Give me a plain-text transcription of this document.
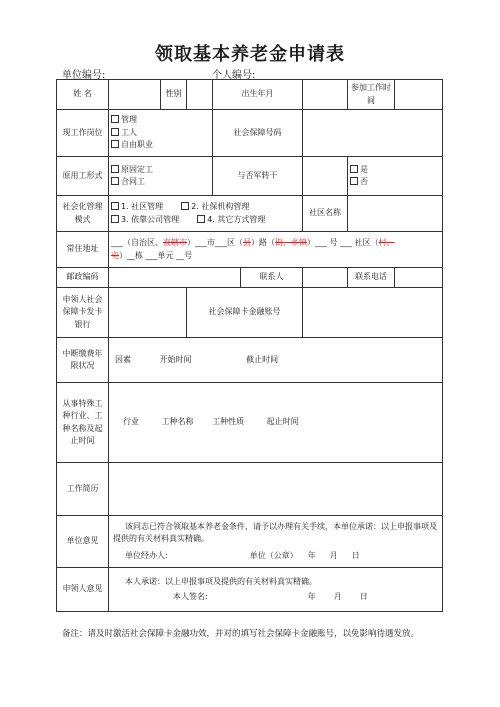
领取基本养老金申请表
单位编号:	个人编号:
姓 名		性别		出生年月			参加工作时间	
现工作岗位	管理
工人
自由职业			社会保障号码				
原用工形式	原固定工
合同工			与否军转干			是
否	

社会化管理模式	1. 社区管理 2. 社保机构管理
3. 依靠公司管理 4. 其它方式管理					社区名称		
常住地址	___（自治区、直辖市）___市___区（县）路（街、乡镇）___ 号 ___ 社区（村、
屯）__栋 ___单元 __号							
邮政编码					联系人		联系电话	
申领人社会保障卡发卡银行			社会保障卡金融账号					
中断缴费年限状况	因素 开始时间 截止时间							
从事特殊工种行业、工种名称及起止时间	行业 工种名称 工种性质 起止时间							
工作简历								
单位意见	该同志已符合领取基本养老金条件，请予以办理有关手续，本单位承诺：以上申报事项及提供的有关材料真实精确。
单位经办人: 单位（公章） 年 月 日							

申领人意见	本人承诺：以上申报事项及提供的有关材料真实精确。
本人签名: 年 月 日							
备注：请及时激活社会保障卡金融功效，并对的填写社会保障卡金融账号，以免影响待遇发放。
